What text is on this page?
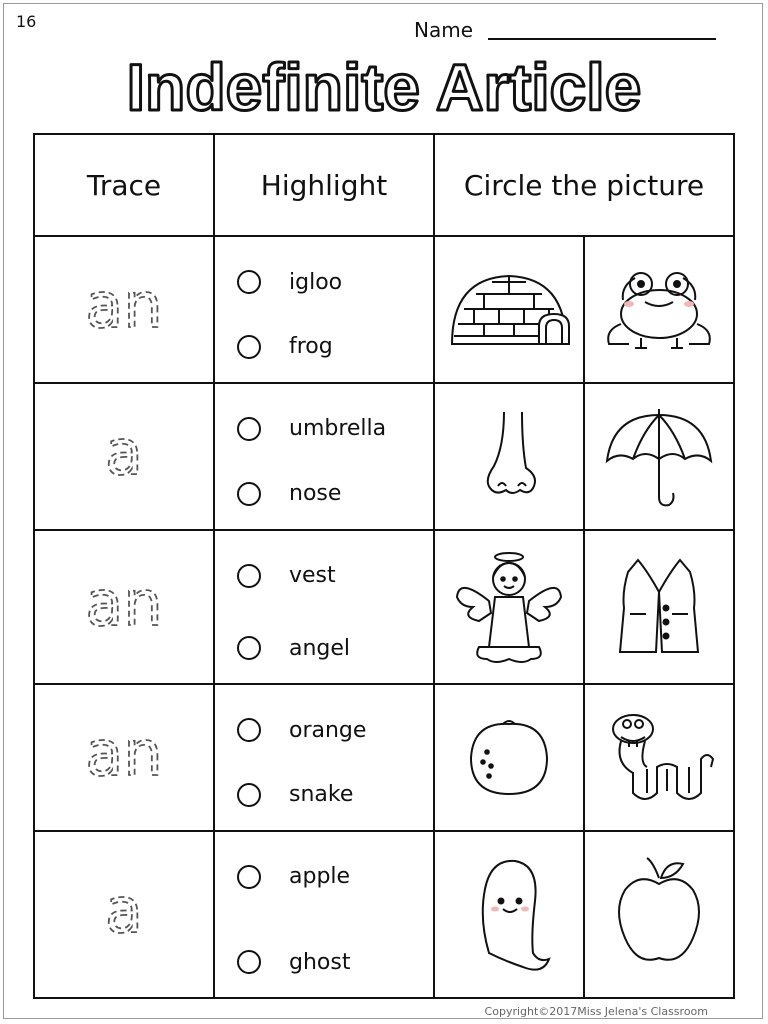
16	Name
Indefinite Article
Trace	Highlight	Circle the picture	

an	igloo
frog

a	umbrella
nose

an	vest
angel

an	orange
snake

a	apple
ghost

Copyright©2017Miss Jelena's Classroom
